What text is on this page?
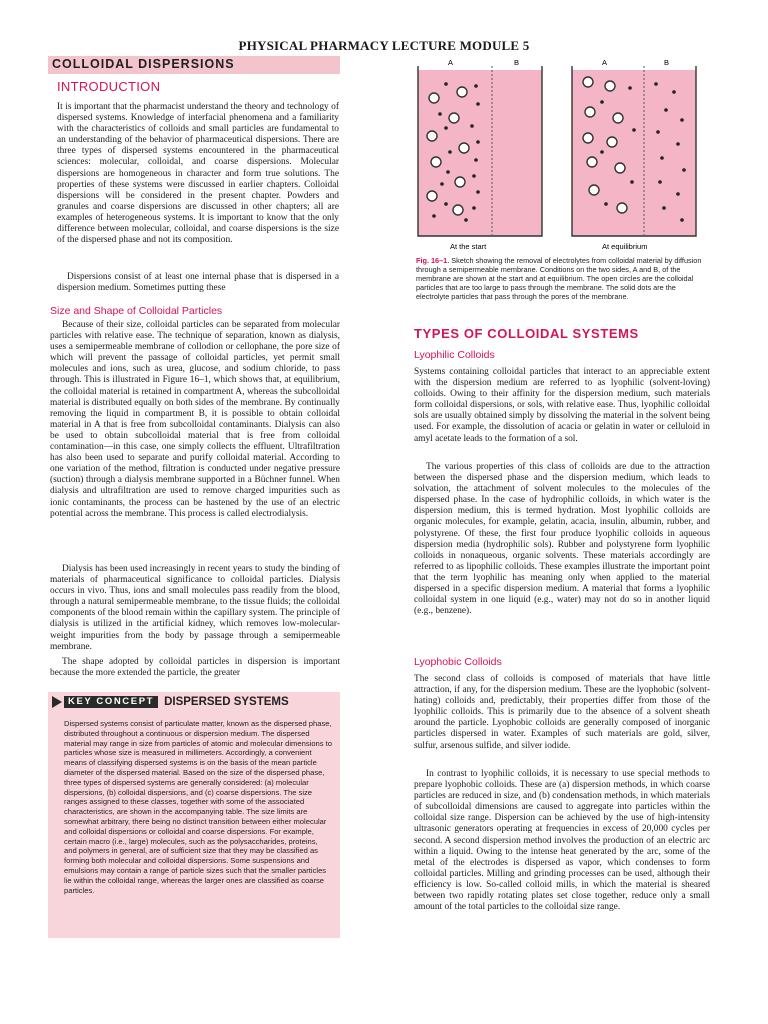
PHYSICAL PHARMACY LECTURE MODULE 5
COLLOIDAL DISPERSIONS
INTRODUCTION

It is important that the pharmacist understand the theory and technology of dispersed systems. Knowledge of interfacial phenomena and a familiarity with the characteristics of colloids and small particles are fundamental to an understanding of the behavior of pharmaceutical dispersions. There are three types of dispersed systems encountered in the pharmaceutical sciences: molecular, colloidal, and coarse dispersions. Molecular dispersions are homogeneous in character and form true solutions. The properties of these systems were discussed in earlier chapters. Colloidal dispersions will be considered in the present chapter. Powders and granules and coarse dispersions are discussed in other chapters; all are examples of heterogeneous systems. It is important to know that the only difference between molecular, colloidal, and coarse dispersions is the size of the dispersed phase and not its composition.

Dispersions consist of at least one internal phase that is dispersed in a dispersion medium. Sometimes putting these

Size and Shape of Colloidal Particles

Because of their size, colloidal particles can be separated from molecular particles with relative ease. The technique of separation, known as dialysis, uses a semipermeable membrane of collodion or cellophane, the pore size of which will prevent the passage of colloidal particles, yet permit small molecules and ions, such as urea, glucose, and sodium chloride, to pass through. This is illustrated in Figure 16–1, which shows that, at equilibrium, the colloidal material is retained in compartment A, whereas the subcolloidal material is distributed equally on both sides of the membrane. By continually removing the liquid in compartment B, it is possible to obtain colloidal material in A that is free from subcolloidal contaminants. Dialysis can also be used to obtain subcolloidal material that is free from colloidal contamination—in this case, one simply collects the effluent. Ultrafiltration has also been used to separate and purify colloidal material. According to one variation of the method, filtration is conducted under negative pressure (suction) through a dialysis membrane supported in a Büchner funnel. When dialysis and ultrafiltration are used to remove charged impurities such as ionic contaminants, the process can be hastened by the use of an electric potential across the membrane. This process is called electrodialysis.

Dialysis has been used increasingly in recent years to study the binding of materials of pharmaceutical significance to colloidal particles. Dialysis occurs in vivo. Thus, ions and small molecules pass readily from the blood, through a natural semipermeable membrane, to the tissue fluids; the colloidal components of the blood remain within the capillary system. The principle of dialysis is utilized in the artificial kidney, which removes low-molecular-weight impurities from the body by passage through a semipermeable membrane.

The shape adopted by colloidal particles in dispersion is important because the more extended the particle, the greater

KEY CONCEPT DISPERSED SYSTEMS

Dispersed systems consist of particulate matter, known as the dispersed phase, distributed throughout a continuous or dispersion medium. The dispersed material may range in size from particles of atomic and molecular dimensions to particles whose size is measured in millimeters. Accordingly, a convenient means of classifying dispersed systems is on the basis of the mean particle diameter of the dispersed material. Based on the size of the dispersed phase, three types of dispersed systems are generally considered: (a) molecular dispersions, (b) colloidal dispersions, and (c) coarse dispersions. The size ranges assigned to these classes, together with some of the associated characteristics, are shown in the accompanying table. The size limits are somewhat arbitrary, there being no distinct transition between either molecular and colloidal dispersions or colloidal and coarse dispersions. For example, certain macro (i.e., large) molecules, such as the polysaccharides, proteins, and polymers in general, are of sufficient size that they may be classified as forming both molecular and colloidal dispersions. Some suspensions and emulsions may contain a range of particle sizes such that the smaller particles lie within the colloidal range, whereas the larger ones are classified as coarse particles.

A	B	A	B
At the start	At equilibrium
Fig. 16–1. Sketch showing the removal of electrolytes from colloidal material by diffusion through a semipermeable membrane. Conditions on the two sides, A and B, of the membrane are shown at the start and at equilibrium. The open circles are the colloidal particles that are too large to pass through the membrane. The solid dots are the electrolyte particles that pass through the pores of the membrane.
TYPES OF COLLOIDAL SYSTEMS
Lyophilic Colloids

Systems containing colloidal particles that interact to an appreciable extent with the dispersion medium are referred to as lyophilic (solvent-loving) colloids. Owing to their affinity for the dispersion medium, such materials form colloidal dispersions, or sols, with relative ease. Thus, lyophilic colloidal sols are usually obtained simply by dissolving the material in the solvent being used. For example, the dissolution of acacia or gelatin in water or celluloid in amyl acetate leads to the formation of a sol.

The various properties of this class of colloids are due to the attraction between the dispersed phase and the dispersion medium, which leads to solvation, the attachment of solvent molecules to the molecules of the dispersed phase. In the case of hydrophilic colloids, in which water is the dispersion medium, this is termed hydration. Most lyophilic colloids are organic molecules, for example, gelatin, acacia, insulin, albumin, rubber, and polystyrene. Of these, the first four produce lyophilic colloids in aqueous dispersion media (hydrophilic sols). Rubber and polystyrene form lyophilic colloids in nonaqueous, organic solvents. These materials accordingly are referred to as lipophilic colloids. These examples illustrate the important point that the term lyophilic has meaning only when applied to the material dispersed in a specific dispersion medium. A material that forms a lyophilic colloidal system in one liquid (e.g., water) may not do so in another liquid (e.g., benzene).

Lyophobic Colloids

The second class of colloids is composed of materials that have little attraction, if any, for the dispersion medium. These are the lyophobic (solvent-hating) colloids and, predictably, their properties differ from those of the lyophilic colloids. This is primarily due to the absence of a solvent sheath around the particle. Lyophobic colloids are generally composed of inorganic particles dispersed in water. Examples of such materials are gold, silver, sulfur, arsenous sulfide, and silver iodide.

In contrast to lyophilic colloids, it is necessary to use special methods to prepare lyophobic colloids. These are (a) dispersion methods, in which coarse particles are reduced in size, and (b) condensation methods, in which materials of subcolloidal dimensions are caused to aggregate into particles within the colloidal size range. Dispersion can be achieved by the use of high-intensity ultrasonic generators operating at frequencies in excess of 20,000 cycles per second. A second dispersion method involves the production of an electric arc within a liquid. Owing to the intense heat generated by the arc, some of the metal of the electrodes is dispersed as vapor, which condenses to form colloidal particles. Milling and grinding processes can be used, although their efficiency is low. So-called colloid mills, in which the material is sheared between two rapidly rotating plates set close together, reduce only a small amount of the total particles to the colloidal size range.
